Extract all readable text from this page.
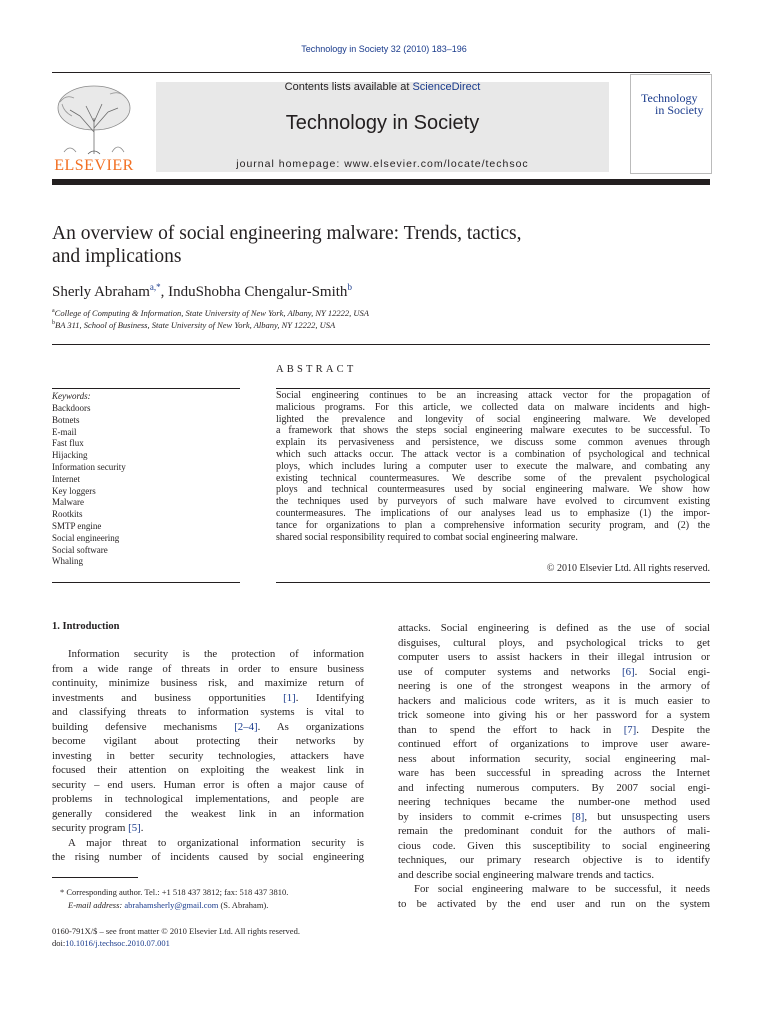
Technology in Society 32 (2010) 183–196
Contents lists available at ScienceDirect
Technology in Society
journal homepage: www.elsevier.com/locate/techsoc
ELSEVIER
Technology
in Society
An overview of social engineering malware: Trends, tactics,
and implications
Sherly Abraham$^{a,*}$, InduShobha Chengalur-Smith$^b$
$^a$College of Computing & Information, State University of New York, Albany, NY 12222, USA
$^b$BA 311, School of Business, State University of New York, Albany, NY 12222, USA
Keywords:
Backdoors
Botnets
E-mail
Fast flux
Hijacking
Information security
Internet
Key loggers
Malware
Rootkits
SMTP engine
Social engineering
Social software
Whaling
ABSTRACT
Social engineering continues to be an increasing attack vector for the propagation of
malicious programs. For this article, we collected data on malware incidents and high-
lighted the prevalence and longevity of social engineering malware. We developed
a framework that shows the steps social engineering malware executes to be successful. To
explain its pervasiveness and persistence, we discuss some common avenues through
which such attacks occur. The attack vector is a combination of psychological and technical
ploys, which includes luring a computer user to execute the malware, and combating any
existing technical countermeasures. We describe some of the prevalent psychological
ploys and technical countermeasures used by social engineering malware. We show how
the techniques used by purveyors of such malware have evolved to circumvent existing
countermeasures. The implications of our analyses lead us to emphasize (1) the impor-
tance for organizations to plan a comprehensive information security program, and (2) the
shared social responsibility required to combat social engineering malware.
© 2010 Elsevier Ltd. All rights reserved.
1. Introduction
Information security is the protection of information
from a wide range of threats in order to ensure business
continuity, minimize business risk, and maximize return of
investments and business opportunities [1]. Identifying
and classifying threats to information systems is vital to
building defensive mechanisms [2–4]. As organizations
become vigilant about protecting their networks by
investing in better security technologies, attackers have
focused their attention on exploiting the weakest link in
security – end users. Human error is often a major cause of
problems in technological implementations, and people are
generally considered the weakest link in an information
security program [5].
A major threat to organizational information security is
the rising number of incidents caused by social engineering
attacks. Social engineering is defined as the use of social
disguises, cultural ploys, and psychological tricks to get
computer users to assist hackers in their illegal intrusion or
use of computer systems and networks [6]. Social engi-
neering is one of the strongest weapons in the armory of
hackers and malicious code writers, as it is much easier to
trick someone into giving his or her password for a system
than to spend the effort to hack in [7]. Despite the
continued effort of organizations to improve user aware-
ness about information security, social engineering mal-
ware has been successful in spreading across the Internet
and infecting numerous computers. By 2007 social engi-
neering techniques became the number-one method used
by insiders to commit e-crimes [8], but unsuspecting users
remain the predominant conduit for the authors of mali-
cious code. Given this susceptibility to social engineering
techniques, our primary research objective is to identify
and describe social engineering malware trends and tactics.
For social engineering malware to be successful, it needs
to be activated by the end user and run on the system
* Corresponding author. Tel.: +1 518 437 3812; fax: 518 437 3810.
E-mail address: abrahamsherly@gmail.com (S. Abraham).
0160-791X/$ – see front matter © 2010 Elsevier Ltd. All rights reserved.
doi:10.1016/j.techsoc.2010.07.001
